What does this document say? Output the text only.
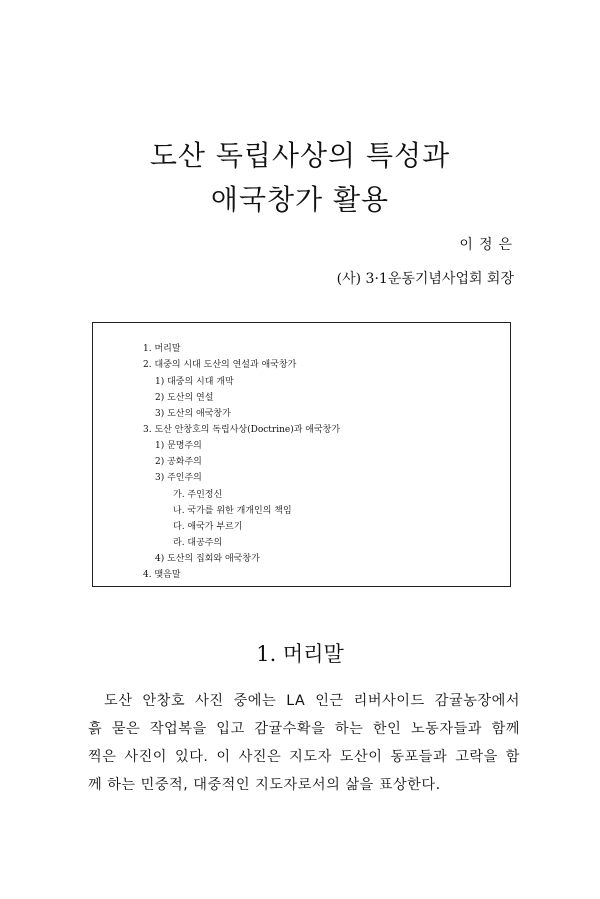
도산 독립사상의 특성과
애국창가 활용
이정은
(사) 3·1운동기념사업회 회장
1. 머리말
2. 대중의 시대 도산의 연설과 애국창가
1) 대중의 시대 개막
2) 도산의 연설
3) 도산의 애국창가
3. 도산 안창호의 독립사상(Doctrine)과 애국창가
1) 문명주의
2) 공화주의
3) 주인주의
가. 주인정신
나. 국가를 위한 개개인의 책임
다. 애국가 부르기
라. 대공주의
4) 도산의 집회와 애국창가
4. 맺음말
1. 머리말
도산 안창호 사진 중에는 LA 인근 리버사이드 감귤농장에서
흙 묻은 작업복을 입고 감귤수확을 하는 한인 노동자들과 함께
찍은 사진이 있다. 이 사진은 지도자 도산이 동포들과 고락을 함
께 하는 민중적, 대중적인 지도자로서의 삶을 표상한다.
